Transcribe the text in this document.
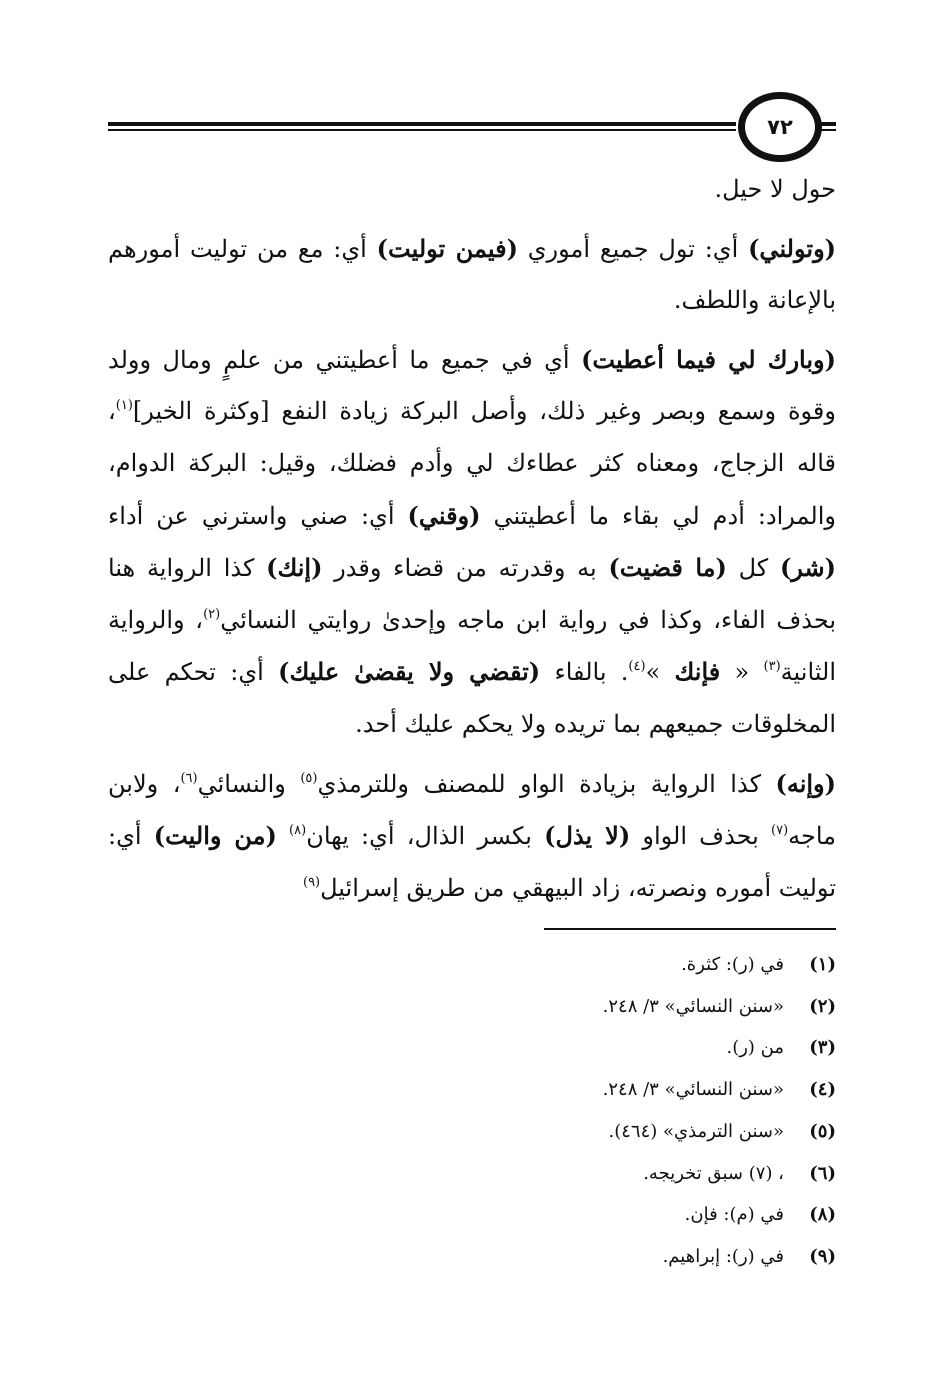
٧٢

حول لا حيل.

(وتولني) أي: تول جميع أموري (فيمن توليت) أي: مع من توليت أمورهم بالإعانة واللطف.

(وبارك لي فيما أعطيت) أي في جميع ما أعطيتني من علمٍ ومال وولد وقوة وسمع وبصر وغير ذلك، وأصل البركة زيادة النفع [وكثرة الخير]$^{(١)}$، قاله الزجاج، ومعناه كثر عطاءك لي وأدم فضلك، وقيل: البركة الدوام، والمراد: أدم لي بقاء ما أعطيتني (وقني) أي: صني واسترني عن أداء (شر) كل (ما قضيت) به وقدرته من قضاء وقدر (إنك) كذا الرواية هنا بحذف الفاء، وكذا في رواية ابن ماجه وإحدىٰ روايتي النسائي$^{(٢)}$، والرواية الثانية$^{(٣)}$ « فإنك »$^{(٤)}$. بالفاء (تقضي ولا يقضىٰ عليك) أي: تحكم على المخلوقات جميعهم بما تريده ولا يحكم عليك أحد.

(وإنه) كذا الرواية بزيادة الواو للمصنف وللترمذي$^{(٥)}$ والنسائي$^{(٦)}$، ولابن ماجه$^{(٧)}$ بحذف الواو (لا يذل) بكسر الذال، أي: يهان$^{(٨)}$ (من واليت) أي: توليت أموره ونصرته، زاد البيهقي من طريق إسرائيل$^{(٩)}$

(١)
في (ر): كثرة.
(٢)
«سنن النسائي» ٣/ ٢٤٨.
(٣)
من (ر).
(٤)
«سنن النسائي» ٣/ ٢٤٨.
(٥)
«سنن الترمذي» (٤٦٤).
(٦)
، (٧) سبق تخريجه.
(٨)
في (م): فإن.
(٩)
في (ر): إبراهيم.
